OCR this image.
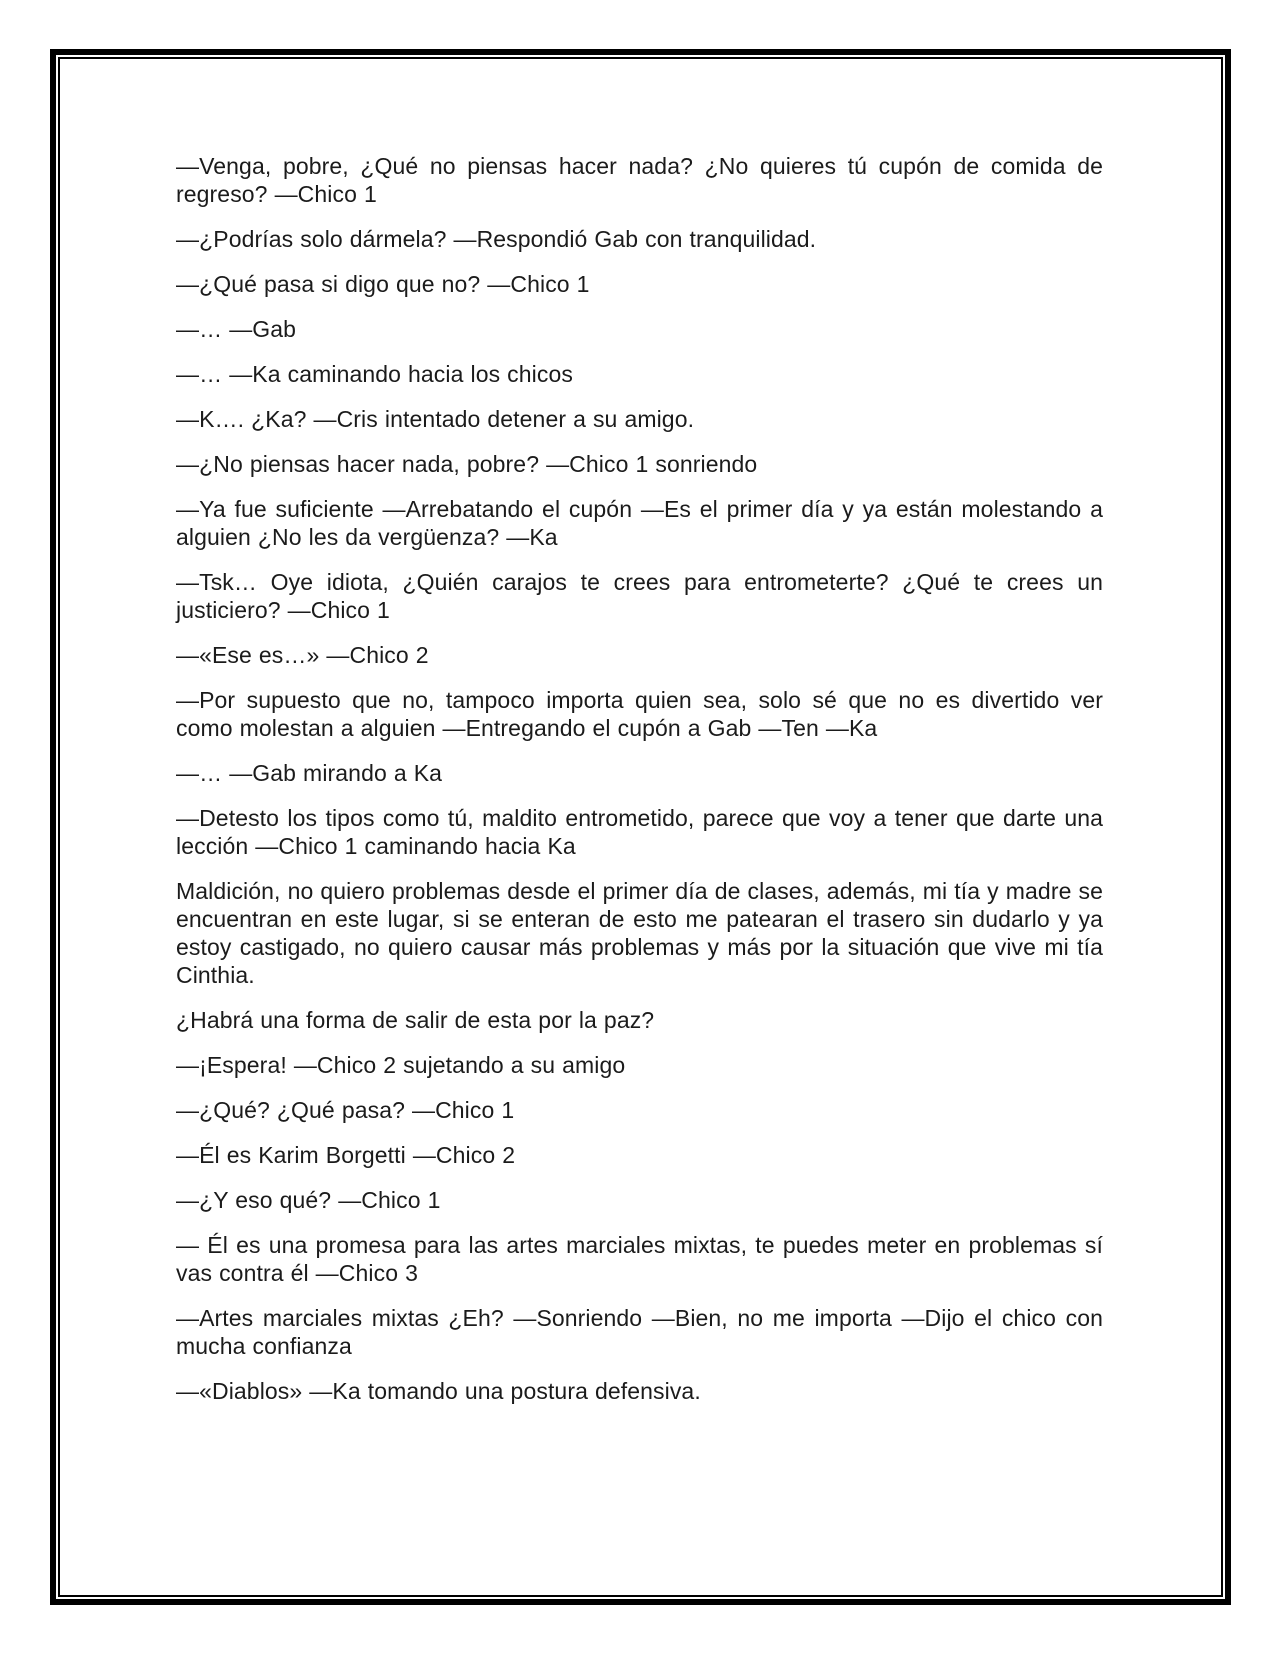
—Venga, pobre, ¿Qué no piensas hacer nada? ¿No quieres tú cupón de comida de regreso? —Chico 1

—¿Podrías solo dármela? —Respondió Gab con tranquilidad.

—¿Qué pasa si digo que no? —Chico 1

—… —Gab

—… —Ka caminando hacia los chicos

—K…. ¿Ka? —Cris intentado detener a su amigo.

—¿No piensas hacer nada, pobre? —Chico 1 sonriendo

—Ya fue suficiente —Arrebatando el cupón —Es el primer día y ya están molestando a alguien ¿No les da vergüenza? —Ka

—Tsk… Oye idiota, ¿Quién carajos te crees para entrometerte? ¿Qué te crees un justiciero? —Chico 1

—«Ese es…» —Chico 2

—Por supuesto que no, tampoco importa quien sea, solo sé que no es divertido ver como molestan a alguien —Entregando el cupón a Gab —Ten —Ka

—… —Gab mirando a Ka

—Detesto los tipos como tú, maldito entrometido, parece que voy a tener que darte una lección —Chico 1 caminando hacia Ka

Maldición, no quiero problemas desde el primer día de clases, además, mi tía y madre se encuentran en este lugar, si se enteran de esto me patearan el trasero sin dudarlo y ya estoy castigado, no quiero causar más problemas y más por la situación que vive mi tía Cinthia.

¿Habrá una forma de salir de esta por la paz?

—¡Espera! —Chico 2 sujetando a su amigo

—¿Qué? ¿Qué pasa? —Chico 1

—Él es Karim Borgetti —Chico 2

—¿Y eso qué? —Chico 1

— Él es una promesa para las artes marciales mixtas, te puedes meter en problemas sí vas contra él —Chico 3

—Artes marciales mixtas ¿Eh? —Sonriendo —Bien, no me importa —Dijo el chico con mucha confianza

—«Diablos» —Ka tomando una postura defensiva.
